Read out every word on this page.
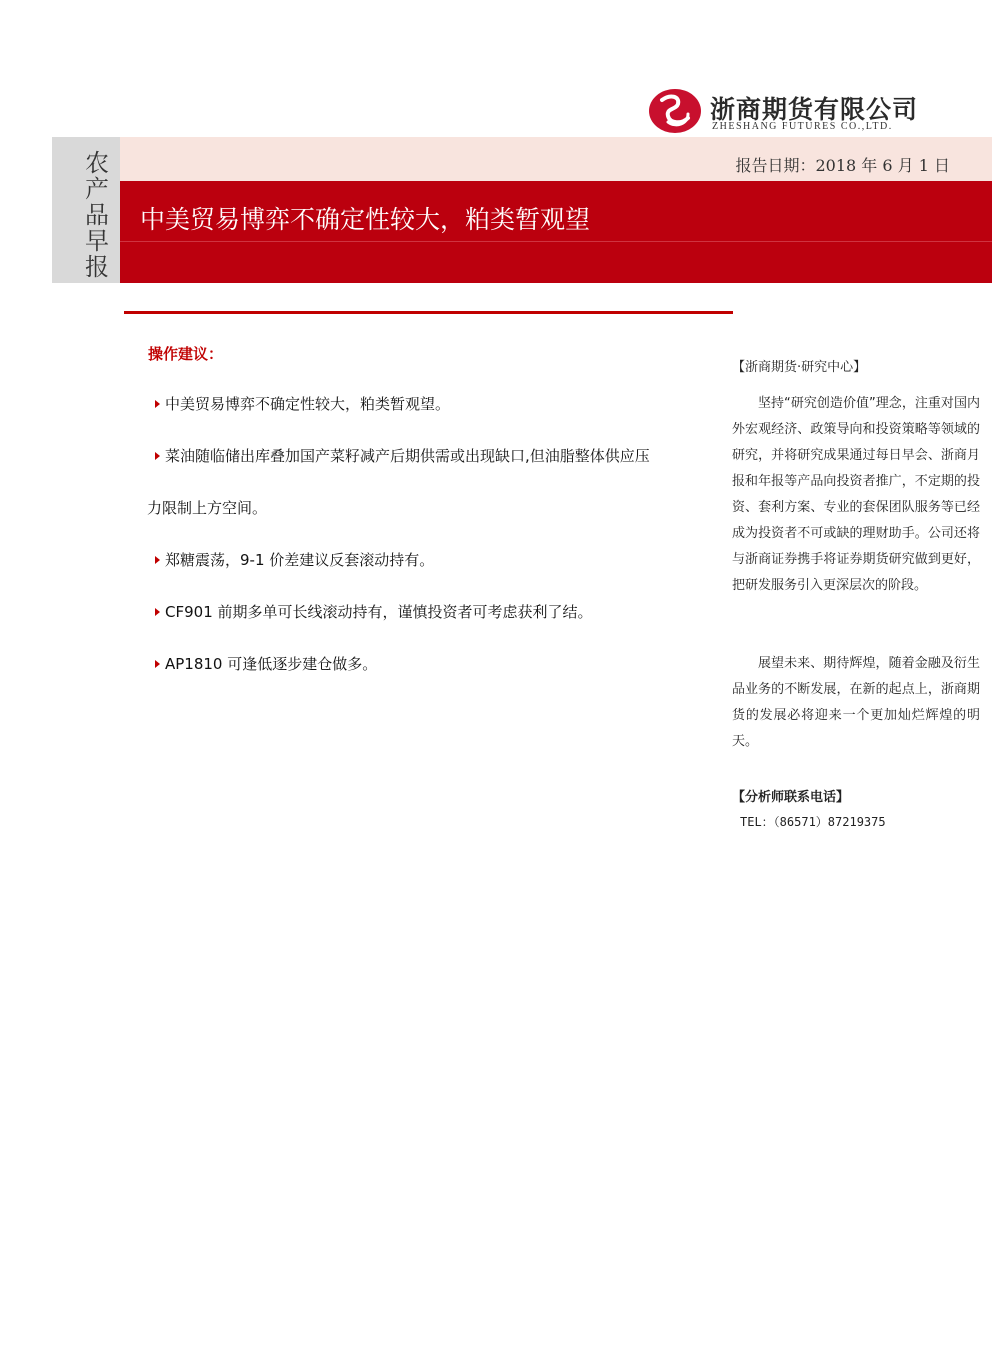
浙商期货有限公司
ZHESHANG FUTURES CO.,LTD.
农产品早报
报告日期：2018 年 6 月 1 日
中美贸易博弈不确定性较大，粕类暂观望
操作建议：
中美贸易博弈不确定性较大，粕类暂观望。
菜油随临储出库叠加国产菜籽减产后期供需或出现缺口,但油脂整体供应压
力限制上方空间。
郑糖震荡，9-1 价差建议反套滚动持有。
CF901 前期多单可长线滚动持有，谨慎投资者可考虑获利了结。
AP1810 可逢低逐步建仓做多。
【浙商期货·研究中心】
坚持“研究创造价值”理念，注重对国内外宏观经济、政策导向和投资策略等领域的研究，并将研究成果通过每日早会、浙商月报和年报等产品向投资者推广，不定期的投资、套利方案、专业的套保团队服务等已经成为投资者不可或缺的理财助手。公司还将与浙商证券携手将证券期货研究做到更好，把研发服务引入更深层次的阶段。
展望未来、期待辉煌，随着金融及衍生品业务的不断发展，在新的起点上，浙商期货的发展必将迎来一个更加灿烂辉煌的明天。
【分析师联系电话】
TEL：（86571）87219375
